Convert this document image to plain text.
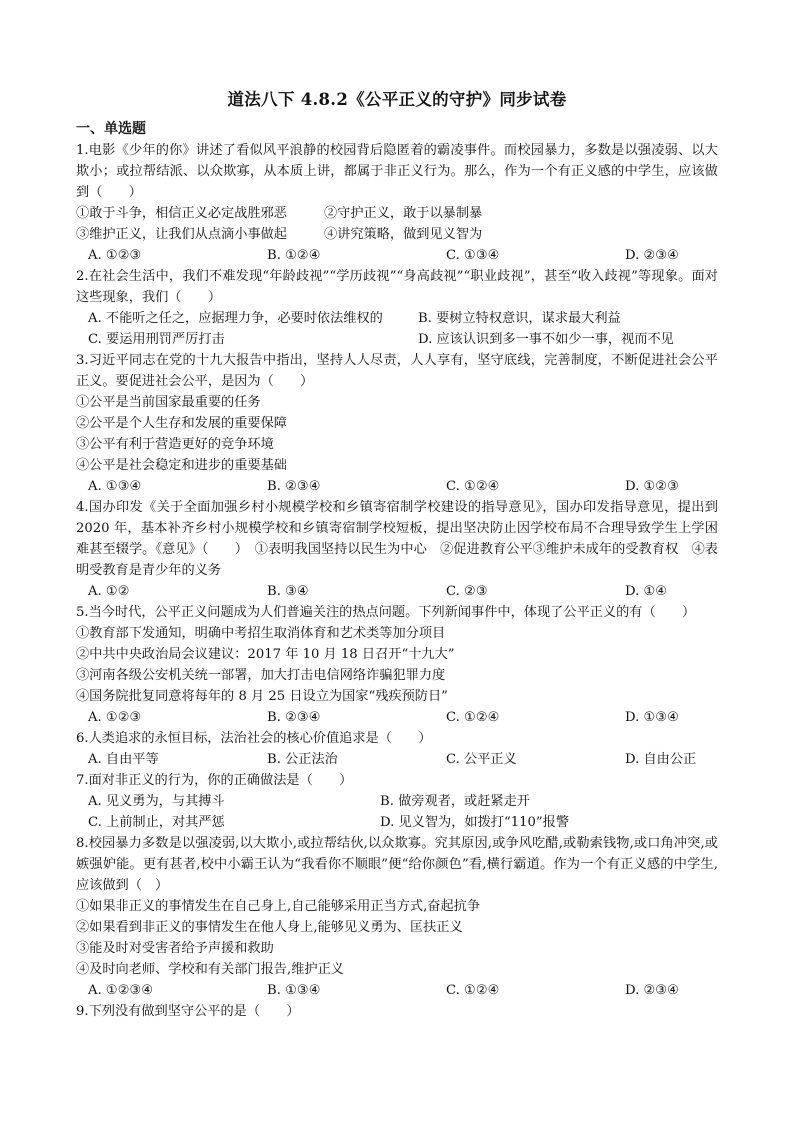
道法八下 4.8.2《公平正义的守护》同步试卷
一、单选题

1.电影《少年的你》讲述了看似风平浪静的校园背后隐匿着的霸凌事件。而校园暴力，多数是以强凌弱、以大欺小；或拉帮结派、以众欺寡，从本质上讲，都属于非正义行为。那么，作为一个有正义感的中学生，应该做到（　　）

①敢于斗争，相信正义必定战胜邪恶	②守护正义，敢于以暴制暴
③维护正义，让我们从点滴小事做起	④讲究策略，做到见义智为
A. ①②③	B. ①②④	C. ①③④	D. ②③④

2.在社会生活中，我们不难发现“年龄歧视”“学历歧视”“身高歧视”“职业歧视”，甚至“收入歧视”等现象。面对这些现象，我们（　　）

A. 不能听之任之，应据理力争，必要时依法维权的	B. 要树立特权意识，谋求最大利益
C. 要运用刑罚严厉打击	D. 应该认识到多一事不如少一事，视而不见

3.习近平同志在党的十九大报告中指出，坚持人人尽责，人人享有，坚守底线，完善制度，不断促进社会公平正义。要促进社会公平，是因为（　　）

①公平是当前国家最重要的任务

②公平是个人生存和发展的重要保障

③公平有利于营造更好的竞争环境

④公平是社会稳定和进步的重要基础

A. ①③④	B. ②③④	C. ①②④	D. ①②③

4.国办印发《关于全面加强乡村小规模学校和乡镇寄宿制学校建设的指导意见》，国办印发指导意见，提出到 2020 年，基本补齐乡村小规模学校和乡镇寄宿制学校短板，提出坚决防止因学校布局不合理导致学生上学困难甚至辍学。《意见》（　　）　①表明我国坚持以民生为中心　②促进教育公平③维护未成年的受教育权　④表明受教育是青少年的义务

A. ①②	B. ③④	C. ②③	D. ①④

5.当今时代，公平正义问题成为人们普遍关注的热点问题。下列新闻事件中，体现了公平正义的有（　　）

①教育部下发通知，明确中考招生取消体育和艺术类等加分项目

②中共中央政治局会议建议：2017 年 10 月 18 日召开“十九大”

③河南各级公安机关统一部署，加大打击电信网络诈骗犯罪力度

④国务院批复同意将每年的 8 月 25 日设立为国家“残疾预防日”

A. ①②③	B. ②③④	C. ①②④	D. ①③④

6.人类追求的永恒目标，法治社会的核心价值追求是（　　）

A. 自由平等	B. 公正法治	C. 公平正义	D. 自由公正

7.面对非正义的行为，你的正确做法是（　　）

A. 见义勇为，与其搏斗	B. 做旁观者，或赶紧走开
C. 上前制止，对其严惩	D. 见义智为，如拨打“110”报警

8.校园暴力多数是以强凌弱,以大欺小,或拉帮结伙,以众欺寡。究其原因,或争风吃醋,或勒索钱物,或口角冲突,或嫉强妒能。更有甚者,校中小霸王认为“我看你不顺眼”便“给你颜色”看,横行霸道。作为一个有正义感的中学生,应该做到（　）

①如果非正义的事情发生在自己身上,自己能够采用正当方式,奋起抗争

②如果看到非正义的事情发生在他人身上,能够见义勇为、匡扶正义

③能及时对受害者给予声援和救助

④及时向老师、学校和有关部门报告,维护正义

A. ①②③④	B. ①③④	C. ①②④	D. ②③④

9.下列没有做到坚守公平的是（　　）
